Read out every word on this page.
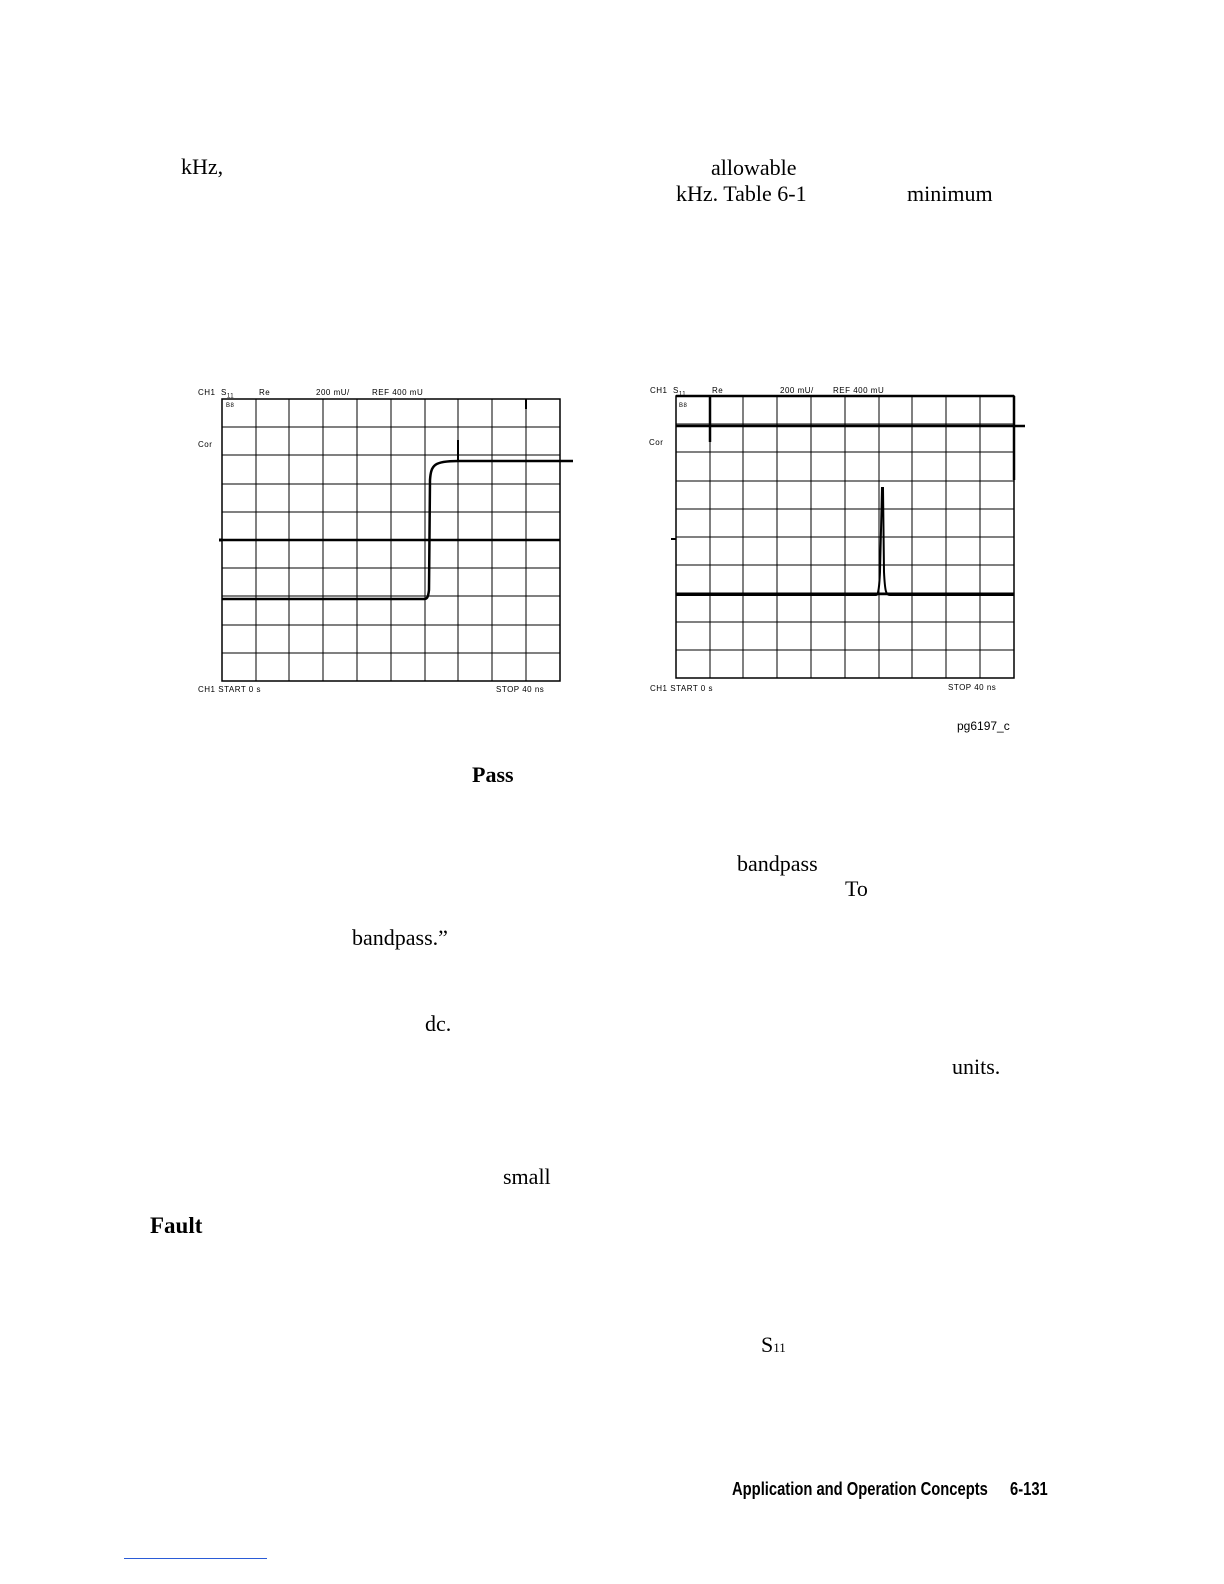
kHz,	allowable
kHz. Table 6-1	minimum
CH1 $S_{11}$	Re	200 mU/	REF 400 mU
Cor
B8
CH1 START 0 s	STOP 40 ns
CH1 $S_{11}$	Re	200 mU/ REF 400 mU
Cor
B8
CH1 START 0 s	STOP 40 ns
pg6197_c
Pass
bandpass
To
bandpass.”
dc.
units.
small
Fault
S11
Application and Operation Concepts 6-131
